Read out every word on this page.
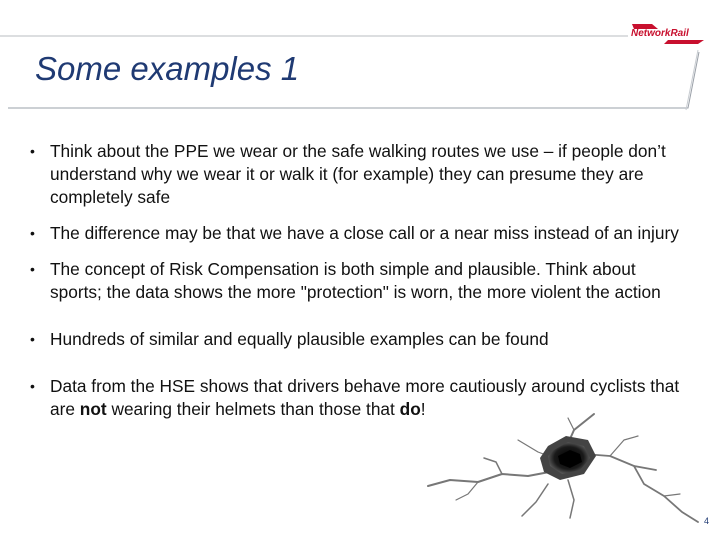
NetworkRail
Some examples 1
• Think about the PPE we wear or the safe walking routes we use – if people don’t understand why we wear it or walk it (for example) they can presume they are completely safe
• The difference may be that we have a close call or a near miss instead of an injury
• The concept of Risk Compensation is both simple and plausible. Think about sports; the data shows the more "protection" is worn, the more violent the action
• Hundreds of similar and equally plausible examples can be found
• Data from the HSE shows that drivers behave more cautiously around cyclists that are not wearing their helmets than those that do!
4
